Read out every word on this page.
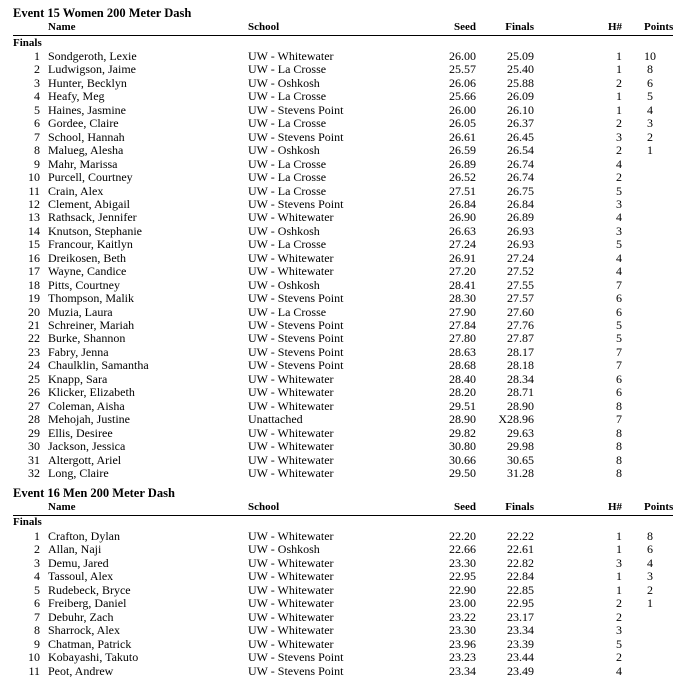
Event 15 Women 200 Meter Dash
Name	School	Seed	Finals	H# Points
Finals
1 Sondgeroth, Lexie	UW - Whitewater	26.00	25.09	1	10
2 Ludwigson, Jaime	UW - La Crosse	25.57	25.40	1	8
3 Hunter, Becklyn	UW - Oshkosh	26.06	25.88	2	6
4 Heafy, Meg	UW - La Crosse	25.66	26.09	1	5
5 Haines, Jasmine	UW - Stevens Point	26.00	26.10	1	4
6 Gordee, Claire	UW - La Crosse	26.05	26.37	2	3
7 School, Hannah	UW - Stevens Point	26.61	26.45	3	2
8 Malueg, Alesha	UW - Oshkosh	26.59	26.54	2	1
9 Mahr, Marissa	UW - La Crosse	26.89	26.74	4
10 Purcell, Courtney	UW - La Crosse	26.52	26.74	2
11 Crain, Alex	UW - La Crosse	27.51	26.75	5
12 Clement, Abigail	UW - Stevens Point	26.84	26.84	3
13 Rathsack, Jennifer	UW - Whitewater	26.90	26.89	4
14 Knutson, Stephanie	UW - Oshkosh	26.63	26.93	3
15 Francour, Kaitlyn	UW - La Crosse	27.24	26.93	5
16 Dreikosen, Beth	UW - Whitewater	26.91	27.24	4
17 Wayne, Candice	UW - Whitewater	27.20	27.52	4
18 Pitts, Courtney	UW - Oshkosh	28.41	27.55	7
19 Thompson, Malik	UW - Stevens Point	28.30	27.57	6
20 Muzia, Laura	UW - La Crosse	27.90	27.60	6
21 Schreiner, Mariah	UW - Stevens Point	27.84	27.76	5
22 Burke, Shannon	UW - Stevens Point	27.80	27.87	5
23 Fabry, Jenna	UW - Stevens Point	28.63	28.17	7
24 Chaulklin, Samantha	UW - Stevens Point	28.68	28.18	7
25 Knapp, Sara	UW - Whitewater	28.40	28.34	6
26 Klicker, Elizabeth	UW - Whitewater	28.20	28.71	6
27 Coleman, Aisha	UW - Whitewater	29.51	28.90	8
28 Mehojah, Justine	Unattached	28.90	X28.96	7
29 Ellis, Desiree	UW - Whitewater	29.82	29.63	8
30 Jackson, Jessica	UW - Whitewater	30.80	29.98	8
31 Altergott, Ariel	UW - Whitewater	30.66	30.65	8
32 Long, Claire	UW - Whitewater	29.50	31.28	8
Event 16 Men 200 Meter Dash
Name	School	Seed	Finals	H# Points
Finals
1 Crafton, Dylan	UW - Whitewater	22.20	22.22	1	8
2 Allan, Naji	UW - Oshkosh	22.66	22.61	1	6
3 Demu, Jared	UW - Whitewater	23.30	22.82	3	4
4 Tassoul, Alex	UW - Whitewater	22.95	22.84	1	3
5 Rudebeck, Bryce	UW - Whitewater	22.90	22.85	1	2
6 Freiberg, Daniel	UW - Whitewater	23.00	22.95	2	1
7 Debuhr, Zach	UW - Whitewater	23.22	23.17	2
8 Sharrock, Alex	UW - Whitewater	23.30	23.34	3
9 Chatman, Patrick	UW - Whitewater	23.96	23.39	5
10 Kobayashi, Takuto	UW - Stevens Point	23.23	23.44	2
11 Peot, Andrew	UW - Stevens Point	23.34	23.49	4
